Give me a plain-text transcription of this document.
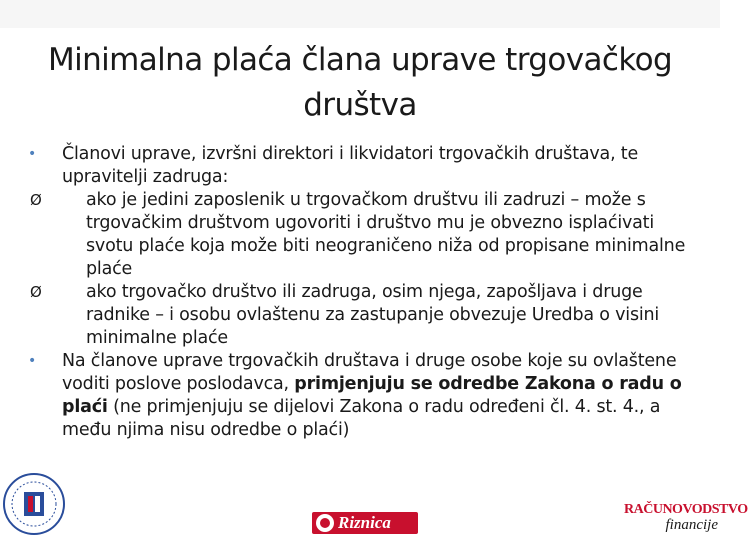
Minimalna plaća člana uprave trgovačkog društva

•	Članovi uprave, izvršni direktori i likvidatori trgovačkih društava, te upravitelji zadruga:

Ø	ako je jedini zaposlenik u trgovačkom društvu ili zadruzi – može s trgovačkim društvom ugovoriti i društvo mu je obvezno isplaćivati svotu plaće koja može biti neograničeno niža od propisane minimalne plaće

Ø	ako trgovačko društvo ili zadruga, osim njega, zapošljava i druge radnike – i osobu ovlaštenu za zastupanje obvezuje Uredba o visini minimalne plaće

•	Na članove uprave trgovačkih društava i druge osobe koje su ovlaštene voditi poslove poslodavca, primjenjuju se odredbe Zakona o radu o plaći (ne primjenjuju se dijelovi Zakona o radu određeni čl. 4. st. 4., a među njima nisu odredbe o plaći)

Riznica
RAČUNOVODSTVO
financije
